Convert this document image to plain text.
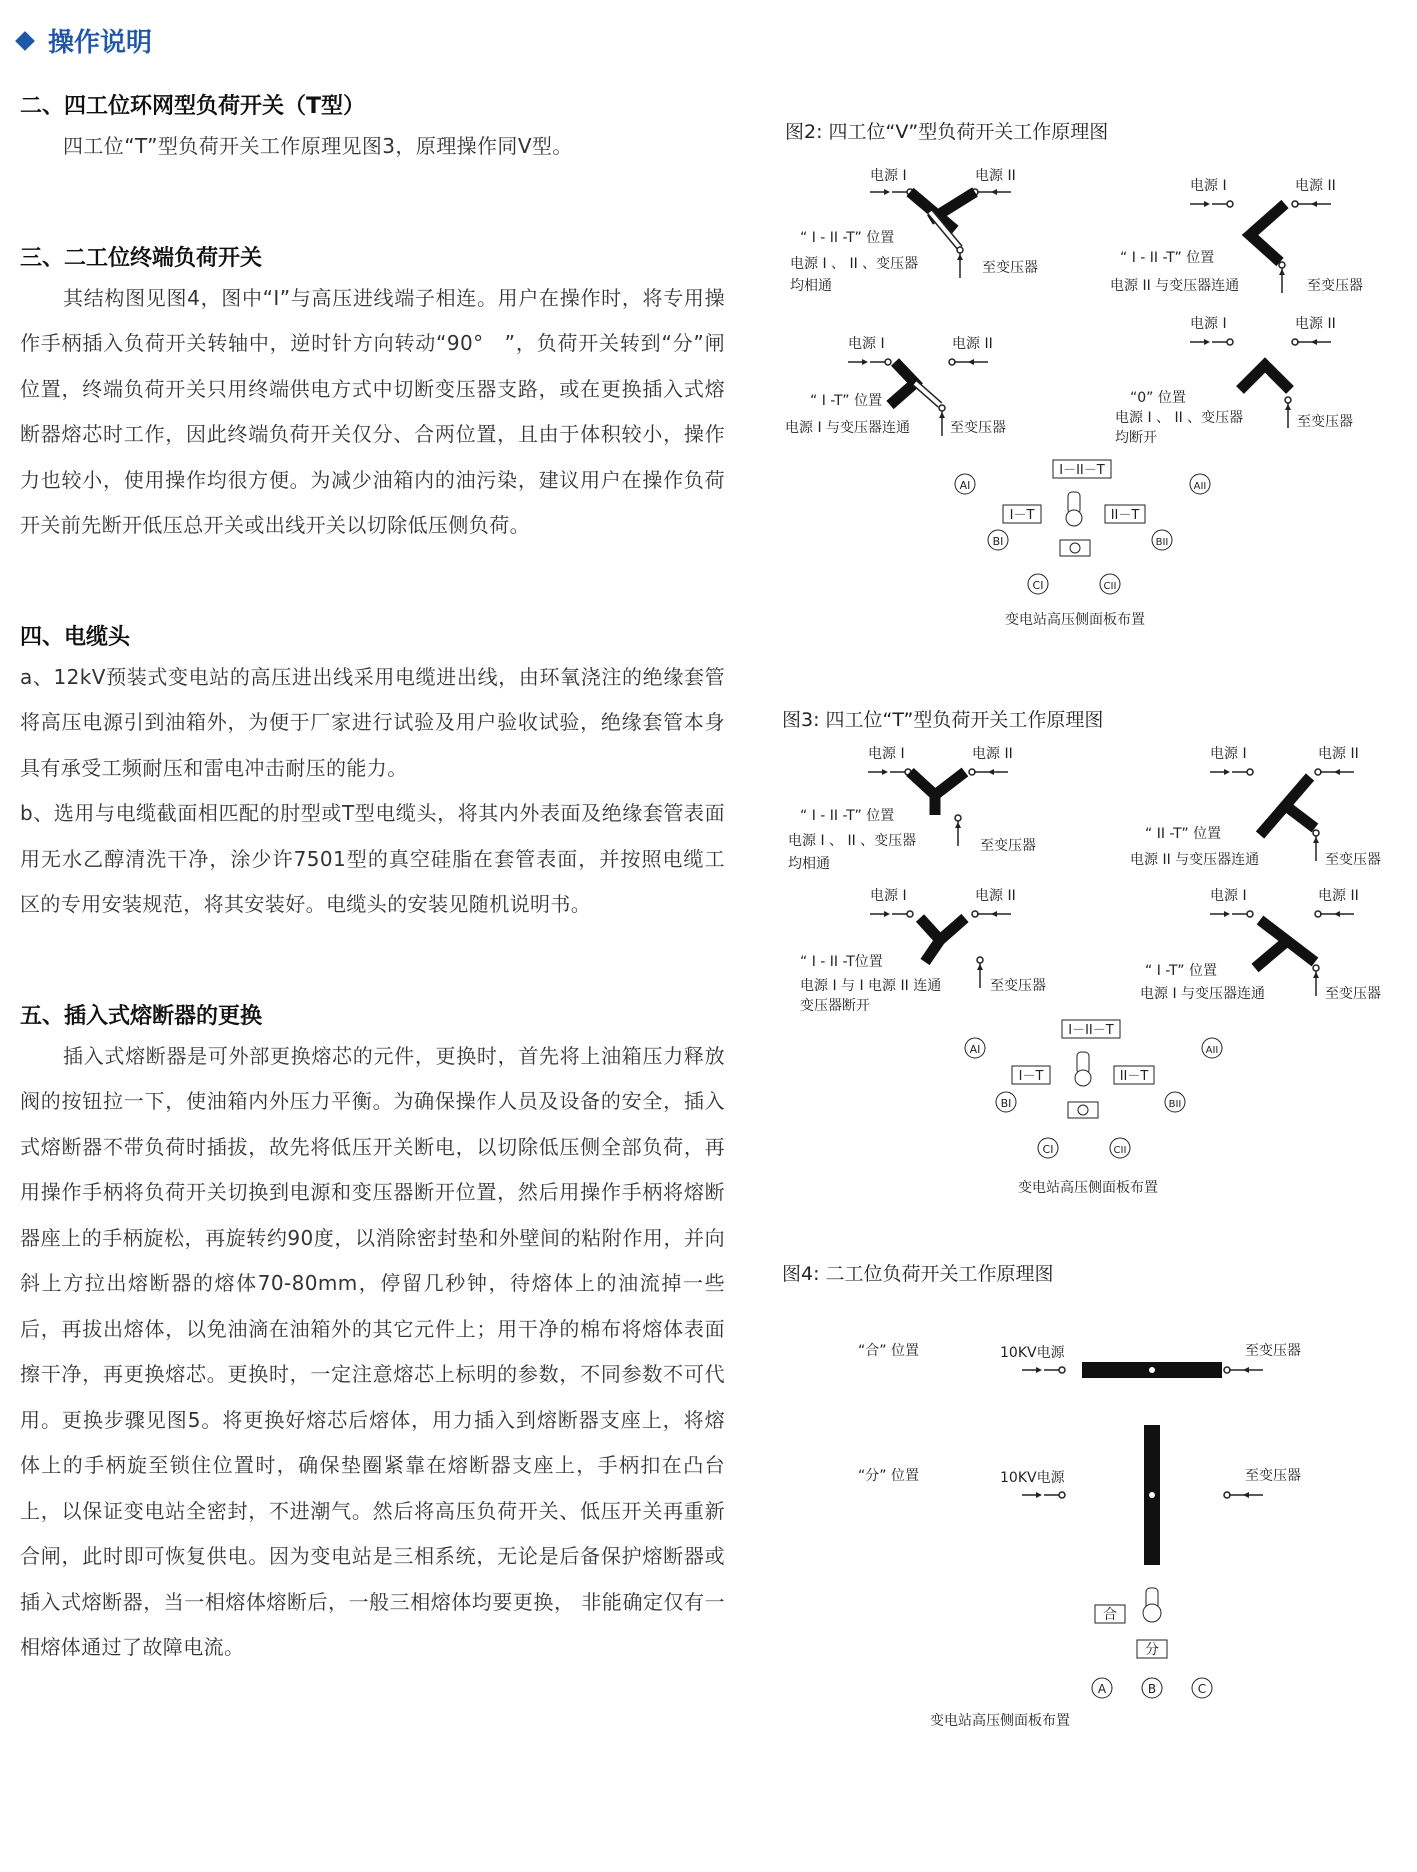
操作说明

二、四工位环网型负荷开关（T型）

四工位“T”型负荷开关工作原理见图3，原理操作同V型。

三、二工位终端负荷开关

其结构图见图4，图中“I”与高压进线端子相连。用户在操作时，将专用操作手柄插入负荷开关转轴中，逆时针方向转动“90°　”，负荷开关转到“分”闸位置，终端负荷开关只用终端供电方式中切断变压器支路，或在更换插入式熔断器熔芯时工作，因此终端负荷开关仅分、合两位置，且由于体积较小，操作力也较小，使用操作均很方便。为减少油箱内的油污染，建议用户在操作负荷开关前先断开低压总开关或出线开关以切除低压侧负荷。

四、电缆头

a、12kV预装式变电站的高压进出线采用电缆进出线，由环氧浇注的绝缘套管将高压电源引到油箱外，为便于厂家进行试验及用户验收试验，绝缘套管本身具有承受工频耐压和雷电冲击耐压的能力。

b、选用与电缆截面相匹配的肘型或T型电缆头，将其内外表面及绝缘套管表面用无水乙醇清洗干净，涂少许7501型的真空硅脂在套管表面，并按照电缆工区的专用安装规范，将其安装好。电缆头的安装见随机说明书。

五、插入式熔断器的更换

插入式熔断器是可外部更换熔芯的元件，更换时，首先将上油箱压力释放阀的按钮拉一下，使油箱内外压力平衡。为确保操作人员及设备的安全，插入式熔断器不带负荷时插拔，故先将低压开关断电，以切除低压侧全部负荷，再用操作手柄将负荷开关切换到电源和变压器断开位置，然后用操作手柄将熔断器座上的手柄旋松，再旋转约90度，以消除密封垫和外壁间的粘附作用，并向斜上方拉出熔断器的熔体70-80mm，停留几秒钟，待熔体上的油流掉一些后，再拔出熔体，以免油滴在油箱外的其它元件上；用干净的棉布将熔体表面擦干净，再更换熔芯。更换时，一定注意熔芯上标明的参数，不同参数不可代用。更换步骤见图5。将更换好熔芯后熔体，用力插入到熔断器支座上，将熔体上的手柄旋至锁住位置时，确保垫圈紧靠在熔断器支座上，手柄扣在凸台上，以保证变电站全密封，不进潮气。然后将高压负荷开关、低压开关再重新合闸，此时即可恢复供电。因为变电站是三相系统，无论是后备保护熔断器或插入式熔断器，当一相熔体熔断后，一般三相熔体均要更换， 非能确定仅有一相熔体通过了故障电流。

图2: 四工位“V”型负荷开关工作原理图
电源 I	电源 II
“ I - II -T” 位置
电源 I 、 II 、变压器
均相通
至变压器
电源 I	电源 II
“ I - II -T” 位置
电源 II 与变压器连通	至变压器
电源 I	电源 II
“ I -T” 位置
电源 I 与变压器连通	至变压器
电源 I	电源 II
“0” 位置
电源 I 、 II 、变压器
均断开
至变压器
I－II－T
I－T	II－T
AI	AII
BI	BII
CI	CII
变电站高压侧面板布置
图3: 四工位“T”型负荷开关工作原理图
电源 I	电源 II
“ I - II -T” 位置
电源 I 、 II 、变压器
均相通
至变压器
电源 I	电源 II
“ II -T” 位置
电源 II 与变压器连通	至变压器
电源 I	电源 II
“ I - II -T位置
电源 I 与 I 电源 II 连通
变压器断开
至变压器
电源 I	电源 II
“ I -T” 位置
电源 I 与变压器连通	至变压器
I－II－T
I－T	II－T
AI	AII
BI	BII
CI	CII
变电站高压侧面板布置
图4: 二工位负荷开关工作原理图
“合” 位置	10KV电源	至变压器
“分” 位置	10KV电源	至变压器
合
分
A	B	C
变电站高压侧面板布置
